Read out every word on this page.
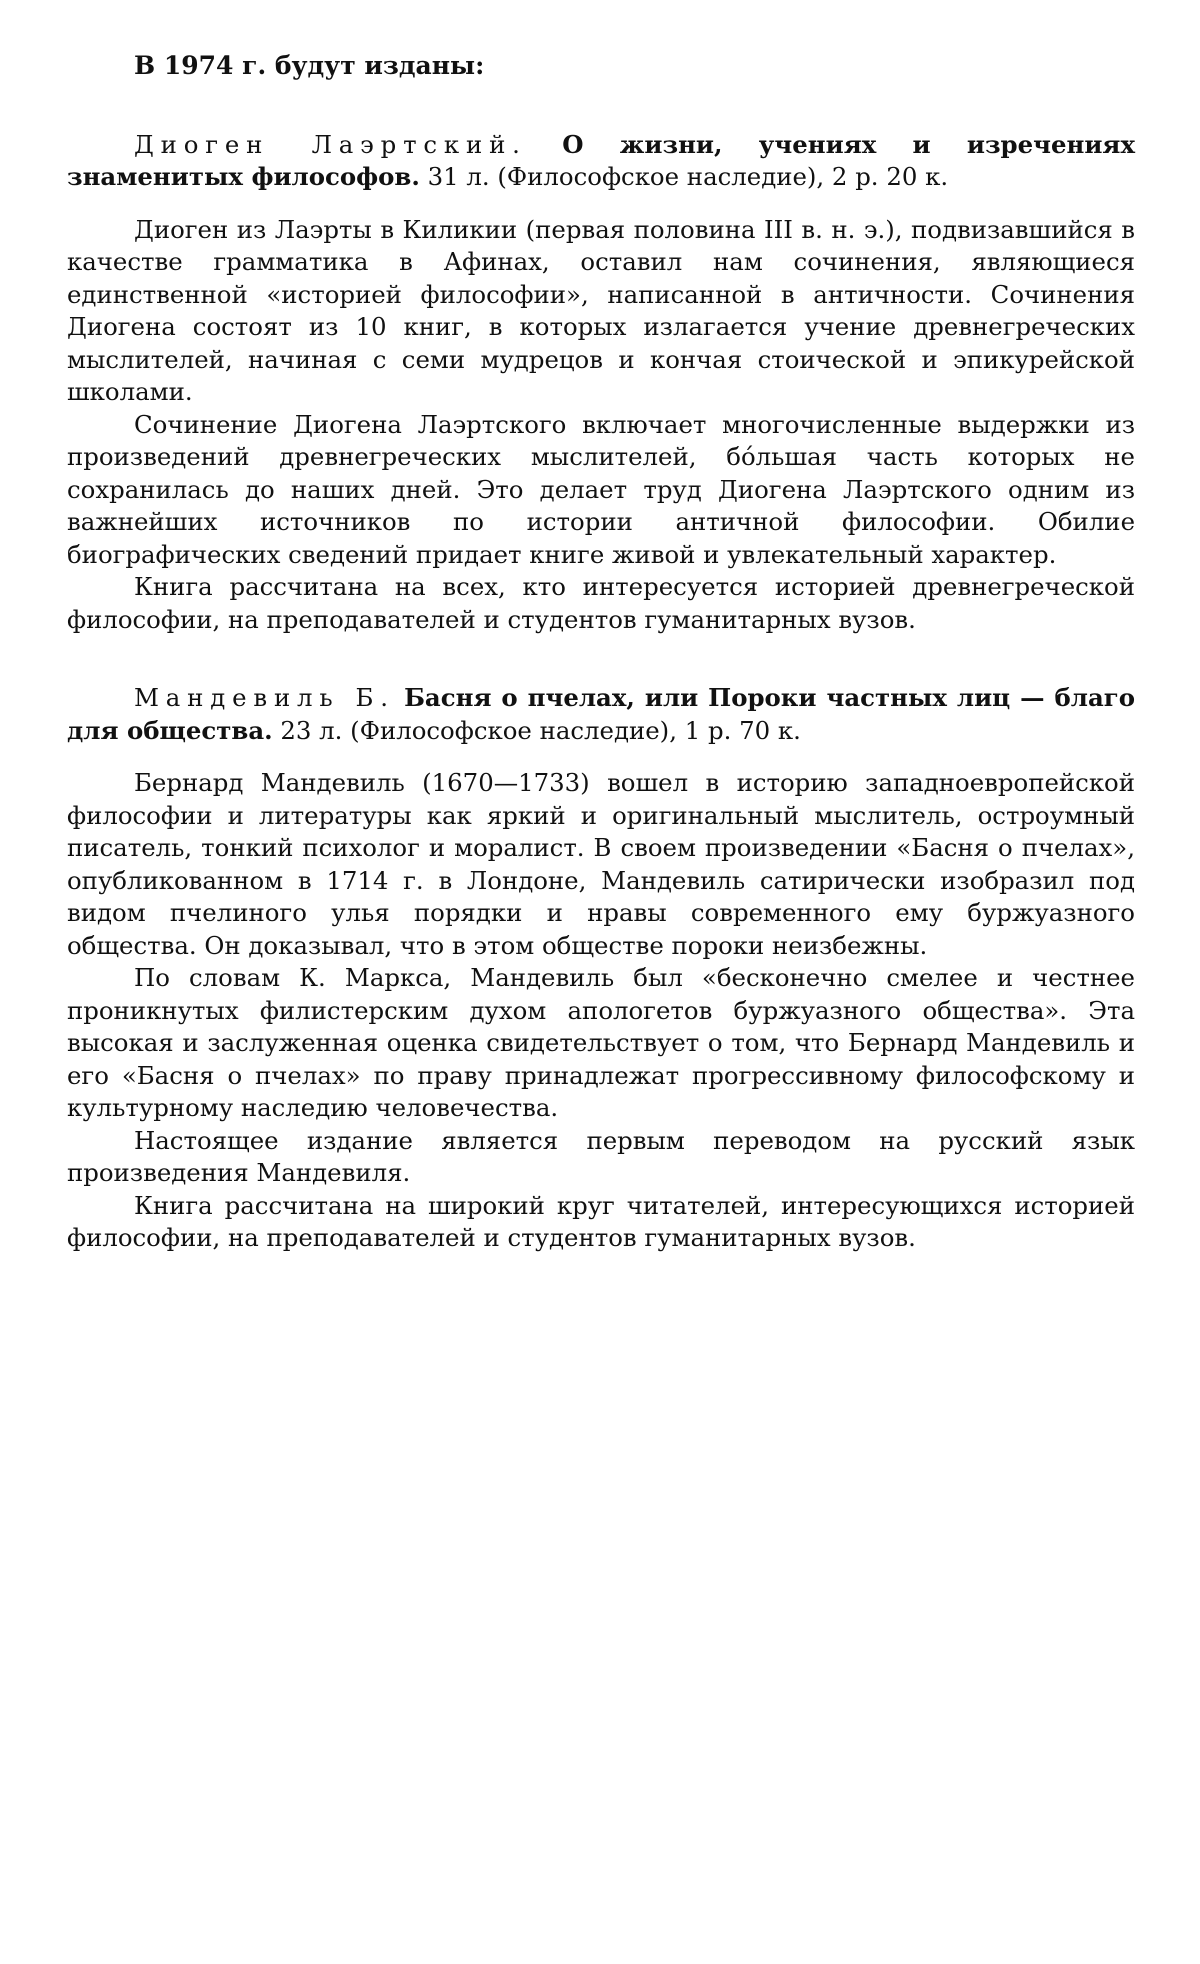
В 1974 г. будут изданы:

Диоген Лаэртский. О жизни, учениях и изречениях знаменитых философов. 31 л. (Философское наследие), 2 р. 20 к.

Диоген из Лаэрты в Киликии (первая половина III в. н. э.), подвизавшийся в качестве грамматика в Афинах, оставил нам сочинения, являющиеся единственной «историей философии», написанной в античности. Сочинения Диогена состоят из 10 книг, в которых излагается учение древнегреческих мыслителей, начиная с семи мудрецов и кончая стоической и эпикурейской школами.

Сочинение Диогена Лаэртского включает многочисленные выдержки из произведений древнегреческих мыслителей, бо́льшая часть которых не сохранилась до наших дней. Это делает труд Диогена Лаэртского одним из важнейших источников по истории античной философии. Обилие биографических сведений придает книге живой и увлекательный характер.

Книга рассчитана на всех, кто интересуется историей древнегреческой философии, на преподавателей и студентов гуманитарных вузов.

Мандевиль Б. Басня о пчелах, или Пороки частных лиц — благо для общества. 23 л. (Философское наследие), 1 р. 70 к.

Бернард Мандевиль (1670—1733) вошел в историю западноевропейской философии и литературы как яркий и оригинальный мыслитель, остроумный писатель, тонкий психолог и моралист. В своем произведении «Басня о пчелах», опубликованном в 1714 г. в Лондоне, Мандевиль сатирически изобразил под видом пчелиного улья порядки и нравы современного ему буржуазного общества. Он доказывал, что в этом обществе пороки неизбежны.

По словам К. Маркса, Мандевиль был «бесконечно смелее и честнее проникнутых филистерским духом апологетов буржуазного общества». Эта высокая и заслуженная оценка свидетельствует о том, что Бернард Мандевиль и его «Басня о пчелах» по праву принадлежат прогрессивному философскому и культурному наследию человечества.

Настоящее издание является первым переводом на русский язык произведения Мандевиля.

Книга рассчитана на широкий круг читателей, интересующихся историей философии, на преподавателей и студентов гуманитарных вузов.
